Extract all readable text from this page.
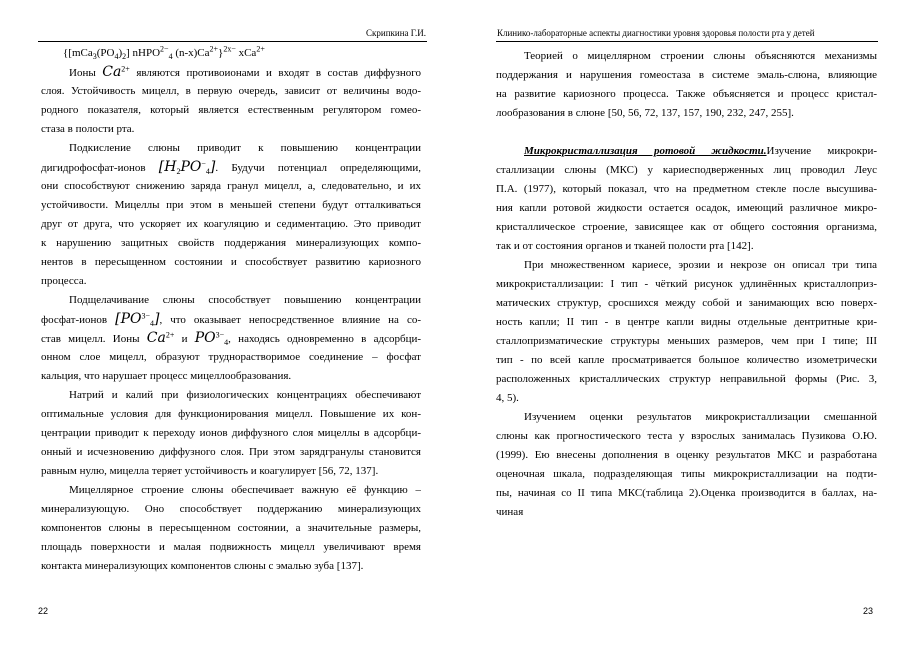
Скрипкина Г.И.
{$[mCa_3(PO_4)_2]$ nHPO$^{2-}_4$ $(n-x)Ca^{2+}\}^{2x-}$ xCa$^{2+}$
Ионы $Ca^{2+}$ являются противоионами и входят в состав диффузного
слоя. Устойчивость мицелл, в первую очередь, зависит от величины водо-
родного показателя, который является естественным регулятором гомео-
стаза в полости рта.
Подкисление слюны приводит к повышению концентрации
дигидрофосфат-ионов $[H_2PO^-_4]$. Будучи потенциал определяющими,
они способствуют снижению заряда гранул мицелл, а, следовательно, и их
устойчивости. Мицеллы при этом в меньшей степени будут отталкиваться
друг от друга, что ускоряет их коагуляцию и седиментацию. Это приводит
к нарушению защитных свойств поддержания минерализующих компо-
нентов в пересыщенном состоянии и способствует развитию кариозного
процесса.
Подщелачивание слюны способствует повышению концентрации
фосфат-ионов $[PO^{3-}_4]$, что оказывает непосредственное влияние на со-
став мицелл. Ионы $Ca^{2+}$ и $PO^{3-}_4$, находясь одновременно в адсорбци-
онном слое мицелл, образуют труднорастворимое соединение – фосфат
кальция, что нарушает процесс мицеллообразования.
Натрий и калий при физиологических концентрациях обеспечивают
оптимальные условия для функционирования мицелл. Повышение их кон-
центрации приводит к переходу ионов диффузного слоя мицеллы в адсорбци-
онный и исчезновению диффузного слоя. При этом зарядгранулы становится
равным нулю, мицелла теряет устойчивость и коагулирует [56, 72, 137].
Мицеллярное строение слюны обеспечивает важную её функцию –
минерализующую. Оно способствует поддержанию минерализующих
компонентов слюны в пересыщенном состоянии, а значительные размеры,
площадь поверхности и малая подвижность мицелл увеличивают время
контакта минерализующих компонентов слюны с эмалью зуба [137].
22
Клинико-лабораторные аспекты диагностики уровня здоровья полости рта у детей
Теорией о мицеллярном строении слюны объясняются механизмы
поддержания и нарушения гомеостаза в системе эмаль-слюна, влияющие
на развитие кариозного процесса. Также объясняется и процесс кристал-
лообразования в слюне [50, 56, 72, 137, 157, 190, 232, 247, 255].
Микрокристаллизация ротовой жидкости.Изучение микрокри-
сталлизации слюны (МКС) у кариесподверженных лиц проводил Леус
П.А. (1977), который показал, что на предметном стекле после высушива-
ния капли ротовой жидкости остается осадок, имеющий различное микро-
кристаллическое строение, зависящее как от общего состояния организма,
так и от состояния органов и тканей полости рта [142].
При множественном кариесе, эрозии и некрозе он описал три типа
микрокристаллизации: I тип - чёткий рисунок удлинённых кристаллоприз-
матических структур, сросшихся между собой и занимающих всю поверх-
ность капли; II тип - в центре капли видны отдельные дентритные кри-
сталлопризматические структуры меньших размеров, чем при I типе; III
тип - по всей капле просматривается большое количество изометрически
расположенных кристаллических структур неправильной формы (Рис. 3,
4, 5).
Изучением оценки результатов микрокристаллизации смешанной
слюны как прогностического теста у взрослых занималась Пузикова О.Ю.
(1999). Ею внесены дополнения в оценку результатов МКС и разработана
оценочная шкала, подразделяющая типы микрокристаллизации на подти-
пы, начиная со II типа МКС(таблица 2).Оценка производится в баллах, на-
чиная
23
